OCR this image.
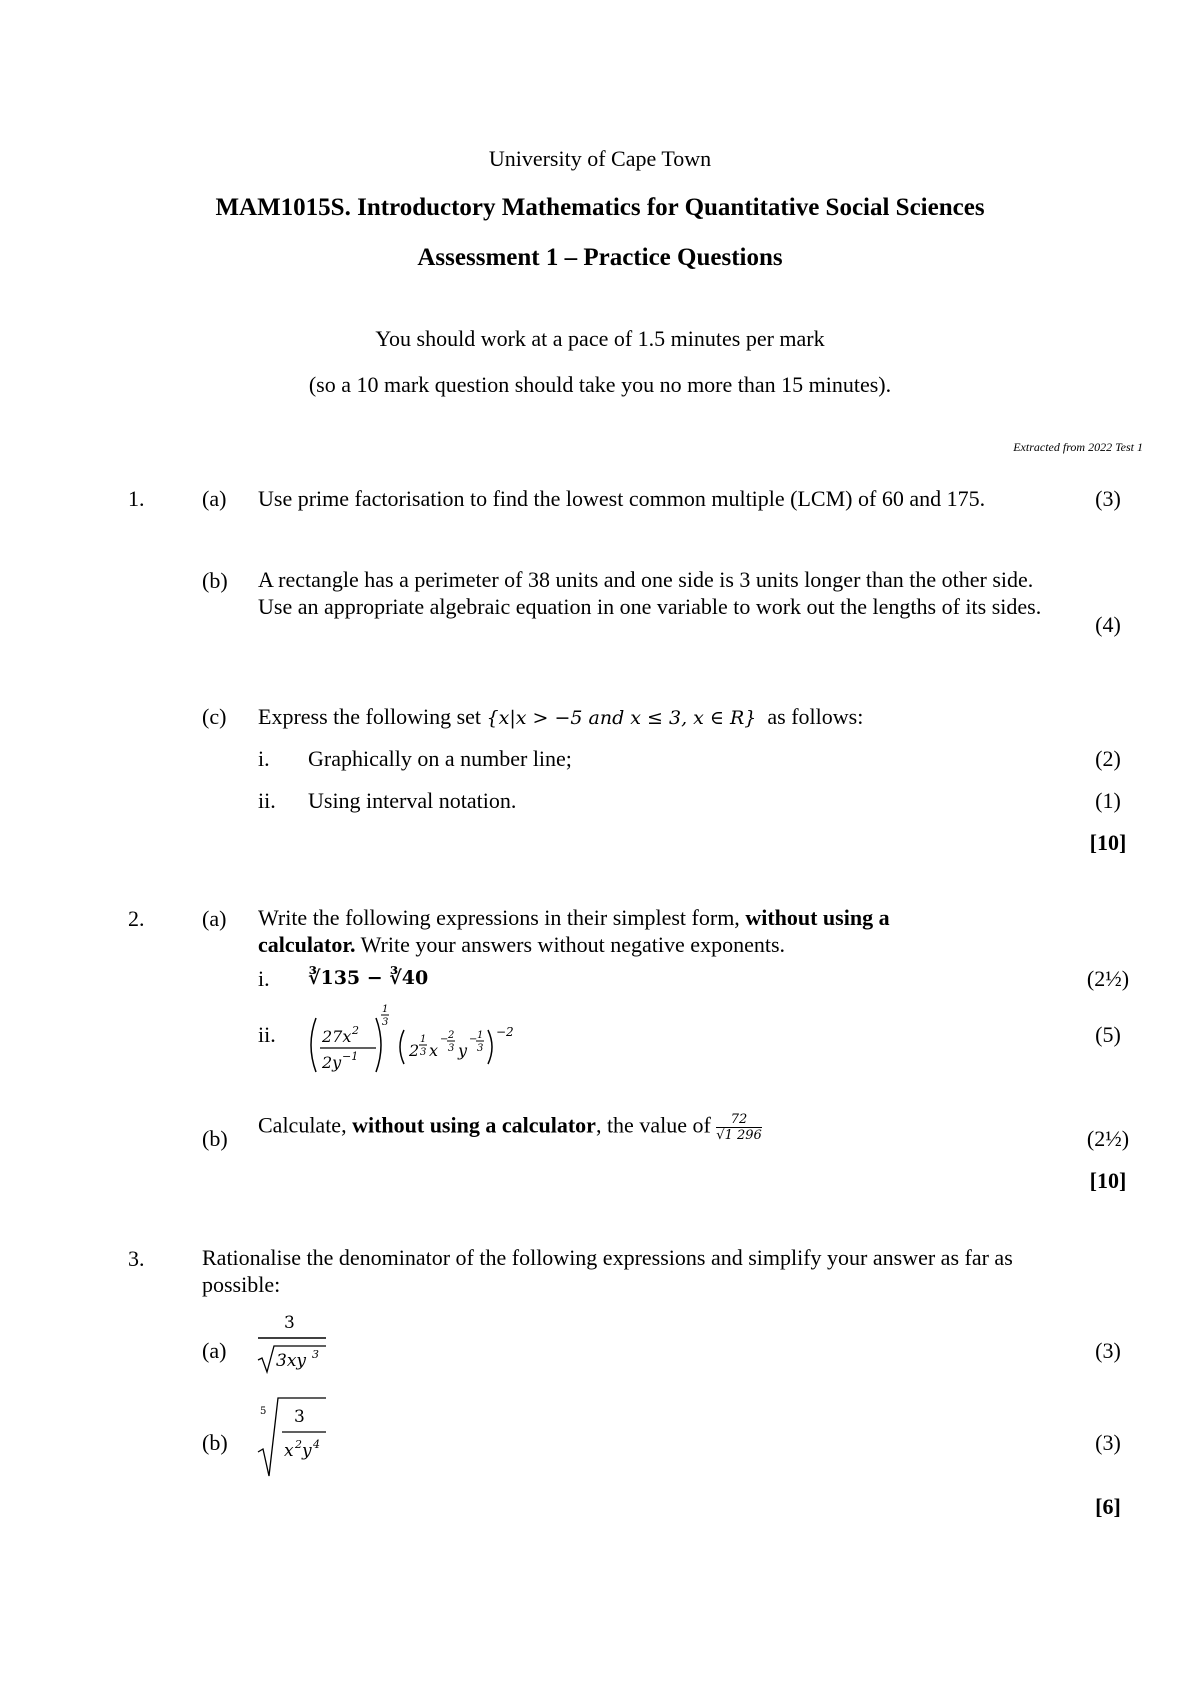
University of Cape Town
MAM1015S. Introductory Mathematics for Quantitative Social Sciences
Assessment 1 – Practice Questions
You should work at a pace of 1.5 minutes per mark
(so a 10 mark question should take you no more than 15 minutes).
Extracted from 2022 Test 1
1.	(a) Use prime factorisation to find the lowest common multiple (LCM) of 60 and 175.	(3)
(b) A rectangle has a perimeter of 38 units and one side is 3 units longer than the other side. Use an appropriate algebraic equation in one variable to work out the lengths of its sides.
(4)
(c) Express the following set {x|x > −5 and x ≤ 3, x ∈ R} as follows:
i. Graphically on a number line;	(2)
ii. Using interval notation.	(1)
[10]
2.	(a) Write the following expressions in their simplest form, without using a
calculator. Write your answers without negative exponents.
i. ∛135 − ∛40	(2½)
ii.	27x 2
2y −1
1
3
2
1
3 x
− 2
3 y
− 1
3
−2	(5)
(b)
Calculate, without using a calculator, the value of $\frac{72}{√1 296}$	(2½)
[10]
3.	Rationalise the denominator of the following expressions and simplify your answer as far as possible:
(a)
3
3xy 3	(3)
(b)
5 3
x 2 y 4	(3)
[6]
